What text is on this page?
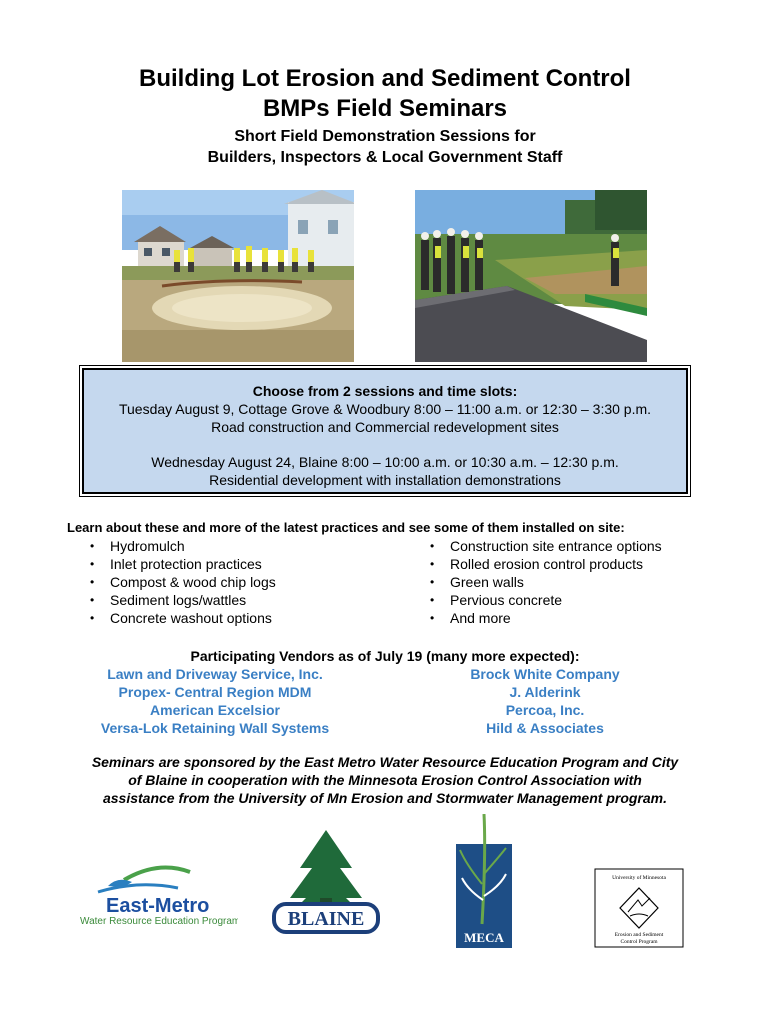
Building Lot Erosion and Sediment Control
BMPs Field Seminars
Short Field Demonstration Sessions for
Builders, Inspectors & Local Government Staff
Choose from 2 sessions and time slots:
Tuesday August 9, Cottage Grove & Woodbury 8:00 – 11:00 a.m. or 12:30 – 3:30 p.m.
Road construction and Commercial redevelopment sites
Wednesday August 24, Blaine 8:00 – 10:00 a.m. or 10:30 a.m. – 12:30 p.m.
Residential development with installation demonstrations
Learn about these and more of the latest practices and see some of them installed on site:
• Hydromulch
• Inlet protection practices
• Compost & wood chip logs
• Sediment logs/wattles
• Concrete washout options
• Construction site entrance options
• Rolled erosion control products
• Green walls
• Pervious concrete
• And more
Participating Vendors as of July 19 (many more expected):
Lawn and Driveway Service, Inc.
Propex- Central Region MDM
American Excelsior
Versa-Lok Retaining Wall Systems
Brock White Company
J. Alderink
Percoa, Inc.
Hild & Associates
Seminars are sponsored by the East Metro Water Resource Education Program and City
of Blaine in cooperation with the Minnesota Erosion Control Association with
assistance from the University of Mn Erosion and Stormwater Management program.
East-Metro
Water Resource Education Program BLAINE
MECA
University of Minnesota
Erosion and Sediment
Control Program
